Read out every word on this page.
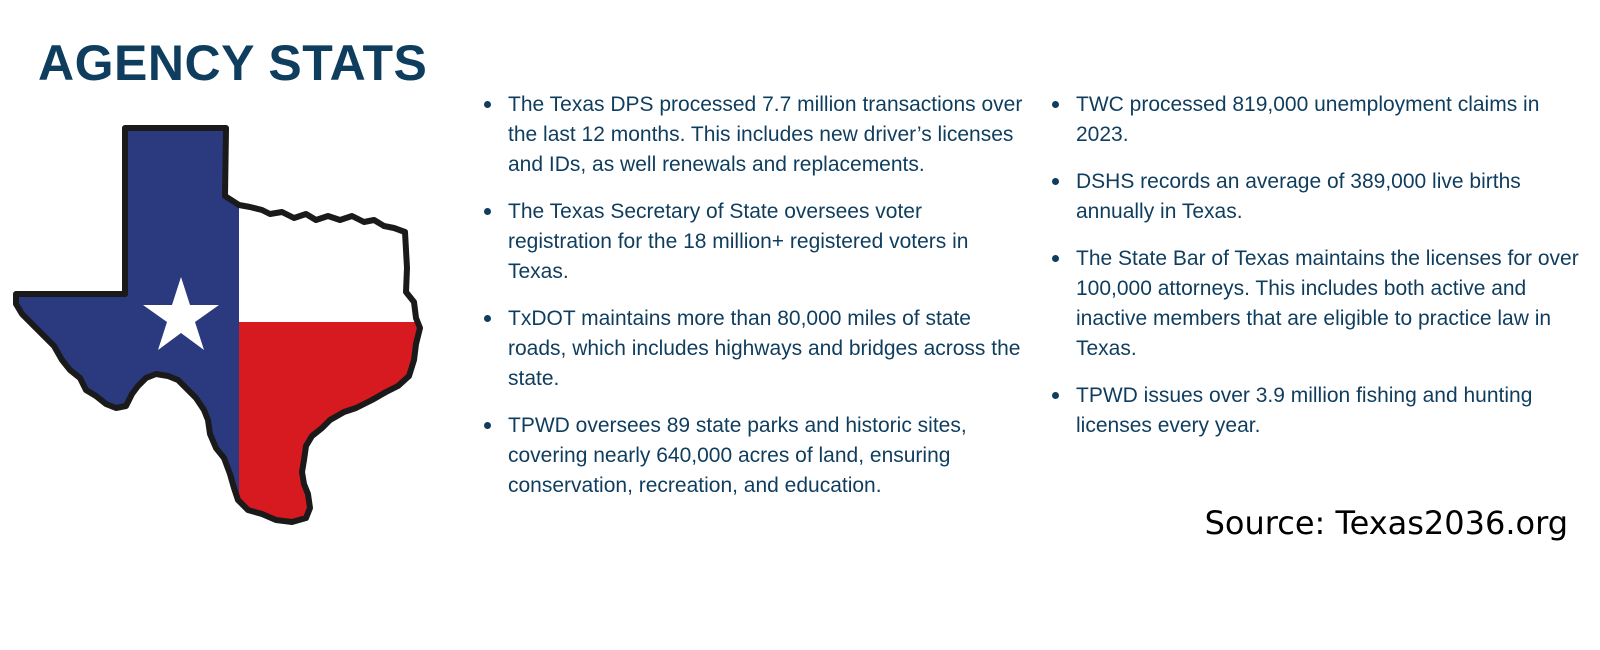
AGENCY STATS
The Texas DPS processed 7.7 million transactions over the last 12 months. This includes new driver’s licenses and IDs, as well renewals and replacements.
The Texas Secretary of State oversees voter registration for the 18 million+ registered voters in Texas.
TxDOT maintains more than 80,000 miles of state roads, which includes highways and bridges across the state.
TPWD oversees 89 state parks and historic sites, covering nearly 640,000 acres of land, ensuring conservation, recreation, and education.
TWC processed 819,000 unemployment claims in 2023.
DSHS records an average of 389,000 live births annually in Texas.
The State Bar of Texas maintains the licenses for over 100,000 attorneys. This includes both active and inactive members that are eligible to practice law in Texas.
TPWD issues over 3.9 million fishing and hunting licenses every year.
Source: Texas2036.org
